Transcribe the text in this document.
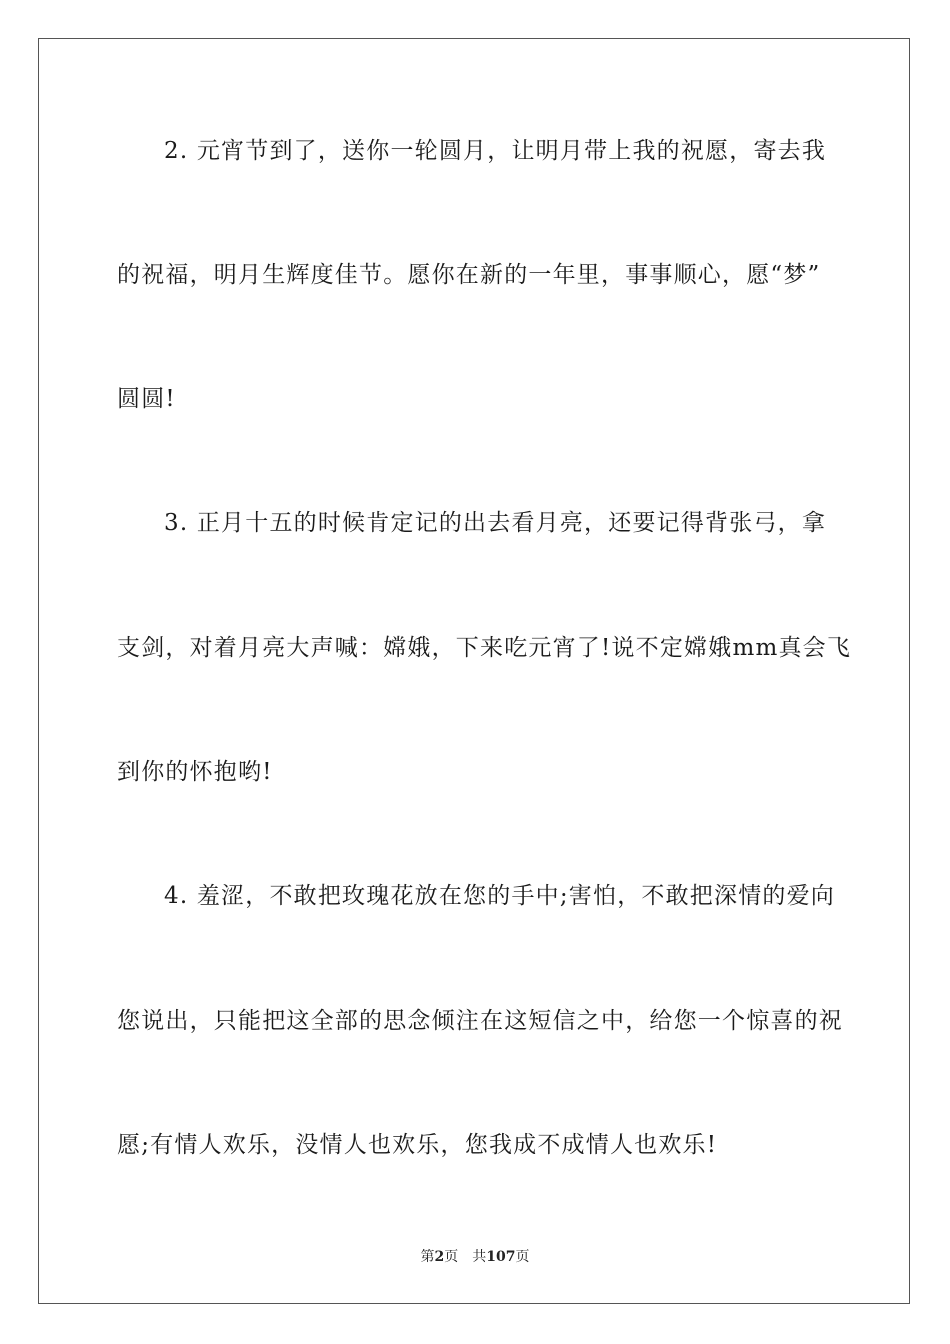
2. 元宵节到了，送你一轮圆月，让明月带上我的祝愿，寄去我
的祝福，明月生辉度佳节。愿你在新的一年里，事事顺心，愿“梦”
圆圆!
3. 正月十五的时候肯定记的出去看月亮，还要记得背张弓，拿
支剑，对着月亮大声喊：嫦娥，下来吃元宵了!说不定嫦娥mm真会飞
到你的怀抱哟!
4. 羞涩，不敢把玫瑰花放在您的手中;害怕，不敢把深情的爱向
您说出，只能把这全部的思念倾注在这短信之中，给您一个惊喜的祝
愿;有情人欢乐，没情人也欢乐，您我成不成情人也欢乐!
第2页 共107页
